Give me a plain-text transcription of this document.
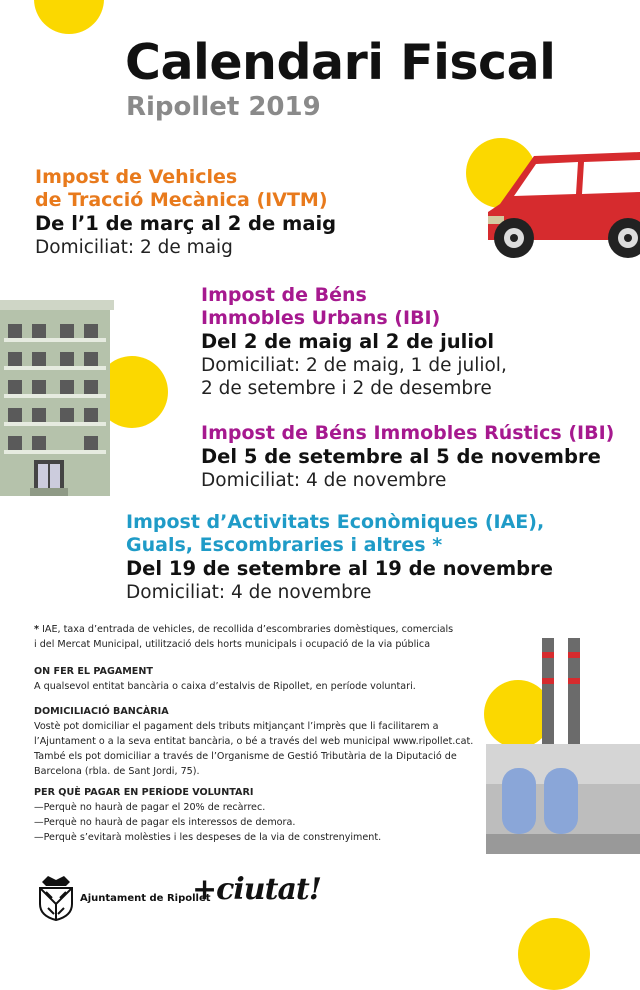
Calendari Fiscal
Ripollet 2019
Impost de Vehicles
de Tracció Mecànica (IVTM)
De l’1 de març al 2 de maig
Domiciliat: 2 de maig
Impost de Béns
Immobles Urbans (IBI)
Del 2 de maig al 2 de juliol
Domiciliat: 2 de maig, 1 de juliol,
2 de setembre i 2 de desembre
Impost de Béns Immobles Rústics (IBI)
Del 5 de setembre al 5 de novembre
Domiciliat: 4 de novembre
Impost d’Activitats Econòmiques (IAE),
Guals, Escombraries i altres *
Del 19 de setembre al 19 de novembre
Domiciliat: 4 de novembre
* IAE, taxa d’entrada de vehicles, de recollida d’escombraries domèstiques, comercials
i del Mercat Municipal, utilització dels horts municipals i ocupació de la via pública
ON FER EL PAGAMENT
A qualsevol entitat bancària o caixa d’estalvis de Ripollet, en període voluntari.
DOMICILIACIÓ BANCÀRIA
Vostè pot domiciliar el pagament dels tributs mitjançant l’imprès que li facilitarem a
l’Ajuntament o a la seva entitat bancària, o bé a través del web municipal www.ripollet.cat.
També els pot domiciliar a través de l’Organisme de Gestió Tributària de la Diputació de
Barcelona (rbla. de Sant Jordi, 75).
PER QUÈ PAGAR EN PERÍODE VOLUNTARI
—Perquè no haurà de pagar el 20% de recàrrec.
—Perquè no haurà de pagar els interessos de demora.
—Perquè s’evitarà molèsties i les despeses de la via de constrenyiment.
Ajuntament de Ripollet
+ciutat!
